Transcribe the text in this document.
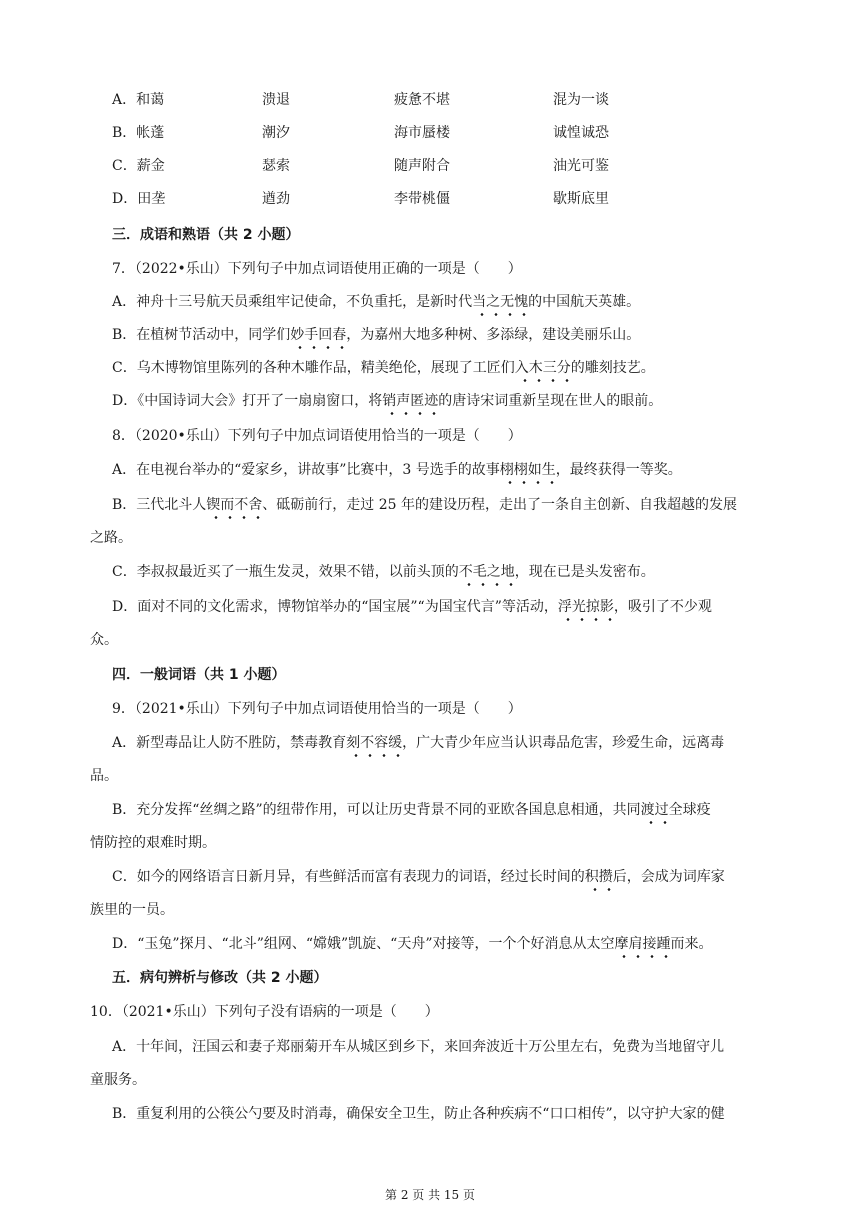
A．和蔼	溃退	疲惫不堪	混为一谈
B．帐蓬	潮汐	海市蜃楼	诚惶诚恐
C．薪金	瑟索	随声附合	油光可鉴
D．田垄	遒劲	李带桃僵	歇斯底里
三．成语和熟语（共 2 小题）
7．（2022•乐山）下列句子中加点词语使用正确的一项是（　　）
A．神舟十三号航天员乘组牢记使命，不负重托，是新时代当之无愧的中国航天英雄。
B．在植树节活动中，同学们妙手回春，为嘉州大地多种树、多添绿，建设美丽乐山。
C．乌木博物馆里陈列的各种木雕作品，精美绝伦，展现了工匠们入木三分的雕刻技艺。
D．《中国诗词大会》打开了一扇扇窗口，将销声匿迹的唐诗宋词重新呈现在世人的眼前。
8．（2020•乐山）下列句子中加点词语使用恰当的一项是（　　）
A．在电视台举办的“爱家乡，讲故事”比赛中，3 号选手的故事栩栩如生，最终获得一等奖。
B．三代北斗人锲而不舍、砥砺前行，走过 25 年的建设历程，走出了一条自主创新、自我超越的发展
之路。
C．李叔叔最近买了一瓶生发灵，效果不错，以前头顶的不毛之地，现在已是头发密布。
D．面对不同的文化需求，博物馆举办的“国宝展”“为国宝代言”等活动，浮光掠影，吸引了不少观
众。
四．一般词语（共 1 小题）
9．（2021•乐山）下列句子中加点词语使用恰当的一项是（　　）
A．新型毒品让人防不胜防，禁毒教育刻不容缓，广大青少年应当认识毒品危害，珍爱生命，远离毒
品。
B．充分发挥“丝绸之路”的纽带作用，可以让历史背景不同的亚欧各国息息相通，共同渡过全球疫
情防控的艰难时期。
C．如今的网络语言日新月异，有些鲜活而富有表现力的词语，经过长时间的积攒后，会成为词库家
族里的一员。
D．“玉兔”探月、“北斗”组网、“嫦娥”凯旋、“天舟”对接等，一个个好消息从太空摩肩接踵而来。
五．病句辨析与修改（共 2 小题）
10．（2021•乐山）下列句子没有语病的一项是（　　）
A．十年间，汪国云和妻子郑丽菊开车从城区到乡下，来回奔波近十万公里左右，免费为当地留守儿
童服务。
B．重复利用的公筷公勺要及时消毒，确保安全卫生，防止各种疾病不“口口相传”，以守护大家的健
第 2 页 共 15 页
